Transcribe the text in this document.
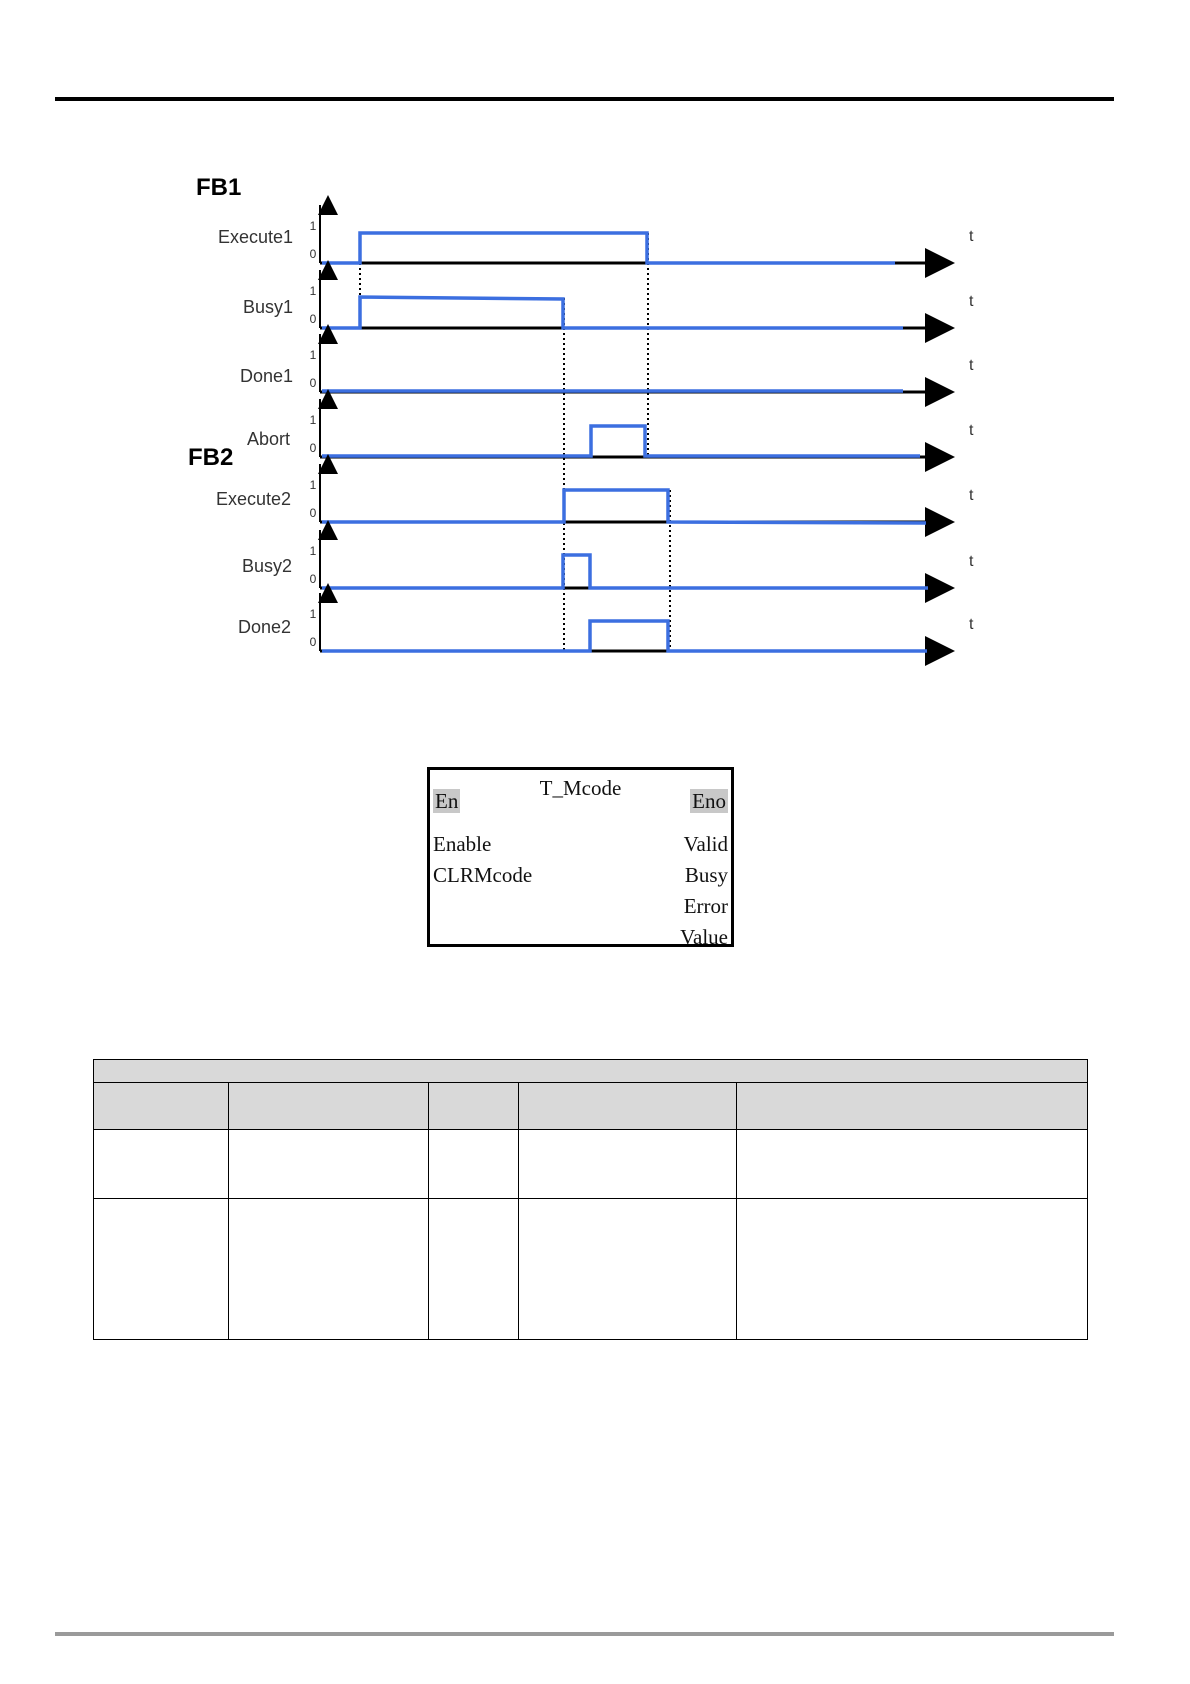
FB1
FB2
Execute1
1
0
t
Busy1
1
0
t
Done1
1
0
t
Abort
1
0
t
Execute2
1
0
t
Busy2
1
0
t
Done2
1
0
t
T_Mcode
En
Enable
CLRMcode
Eno
Valid
Busy
Error
Value
